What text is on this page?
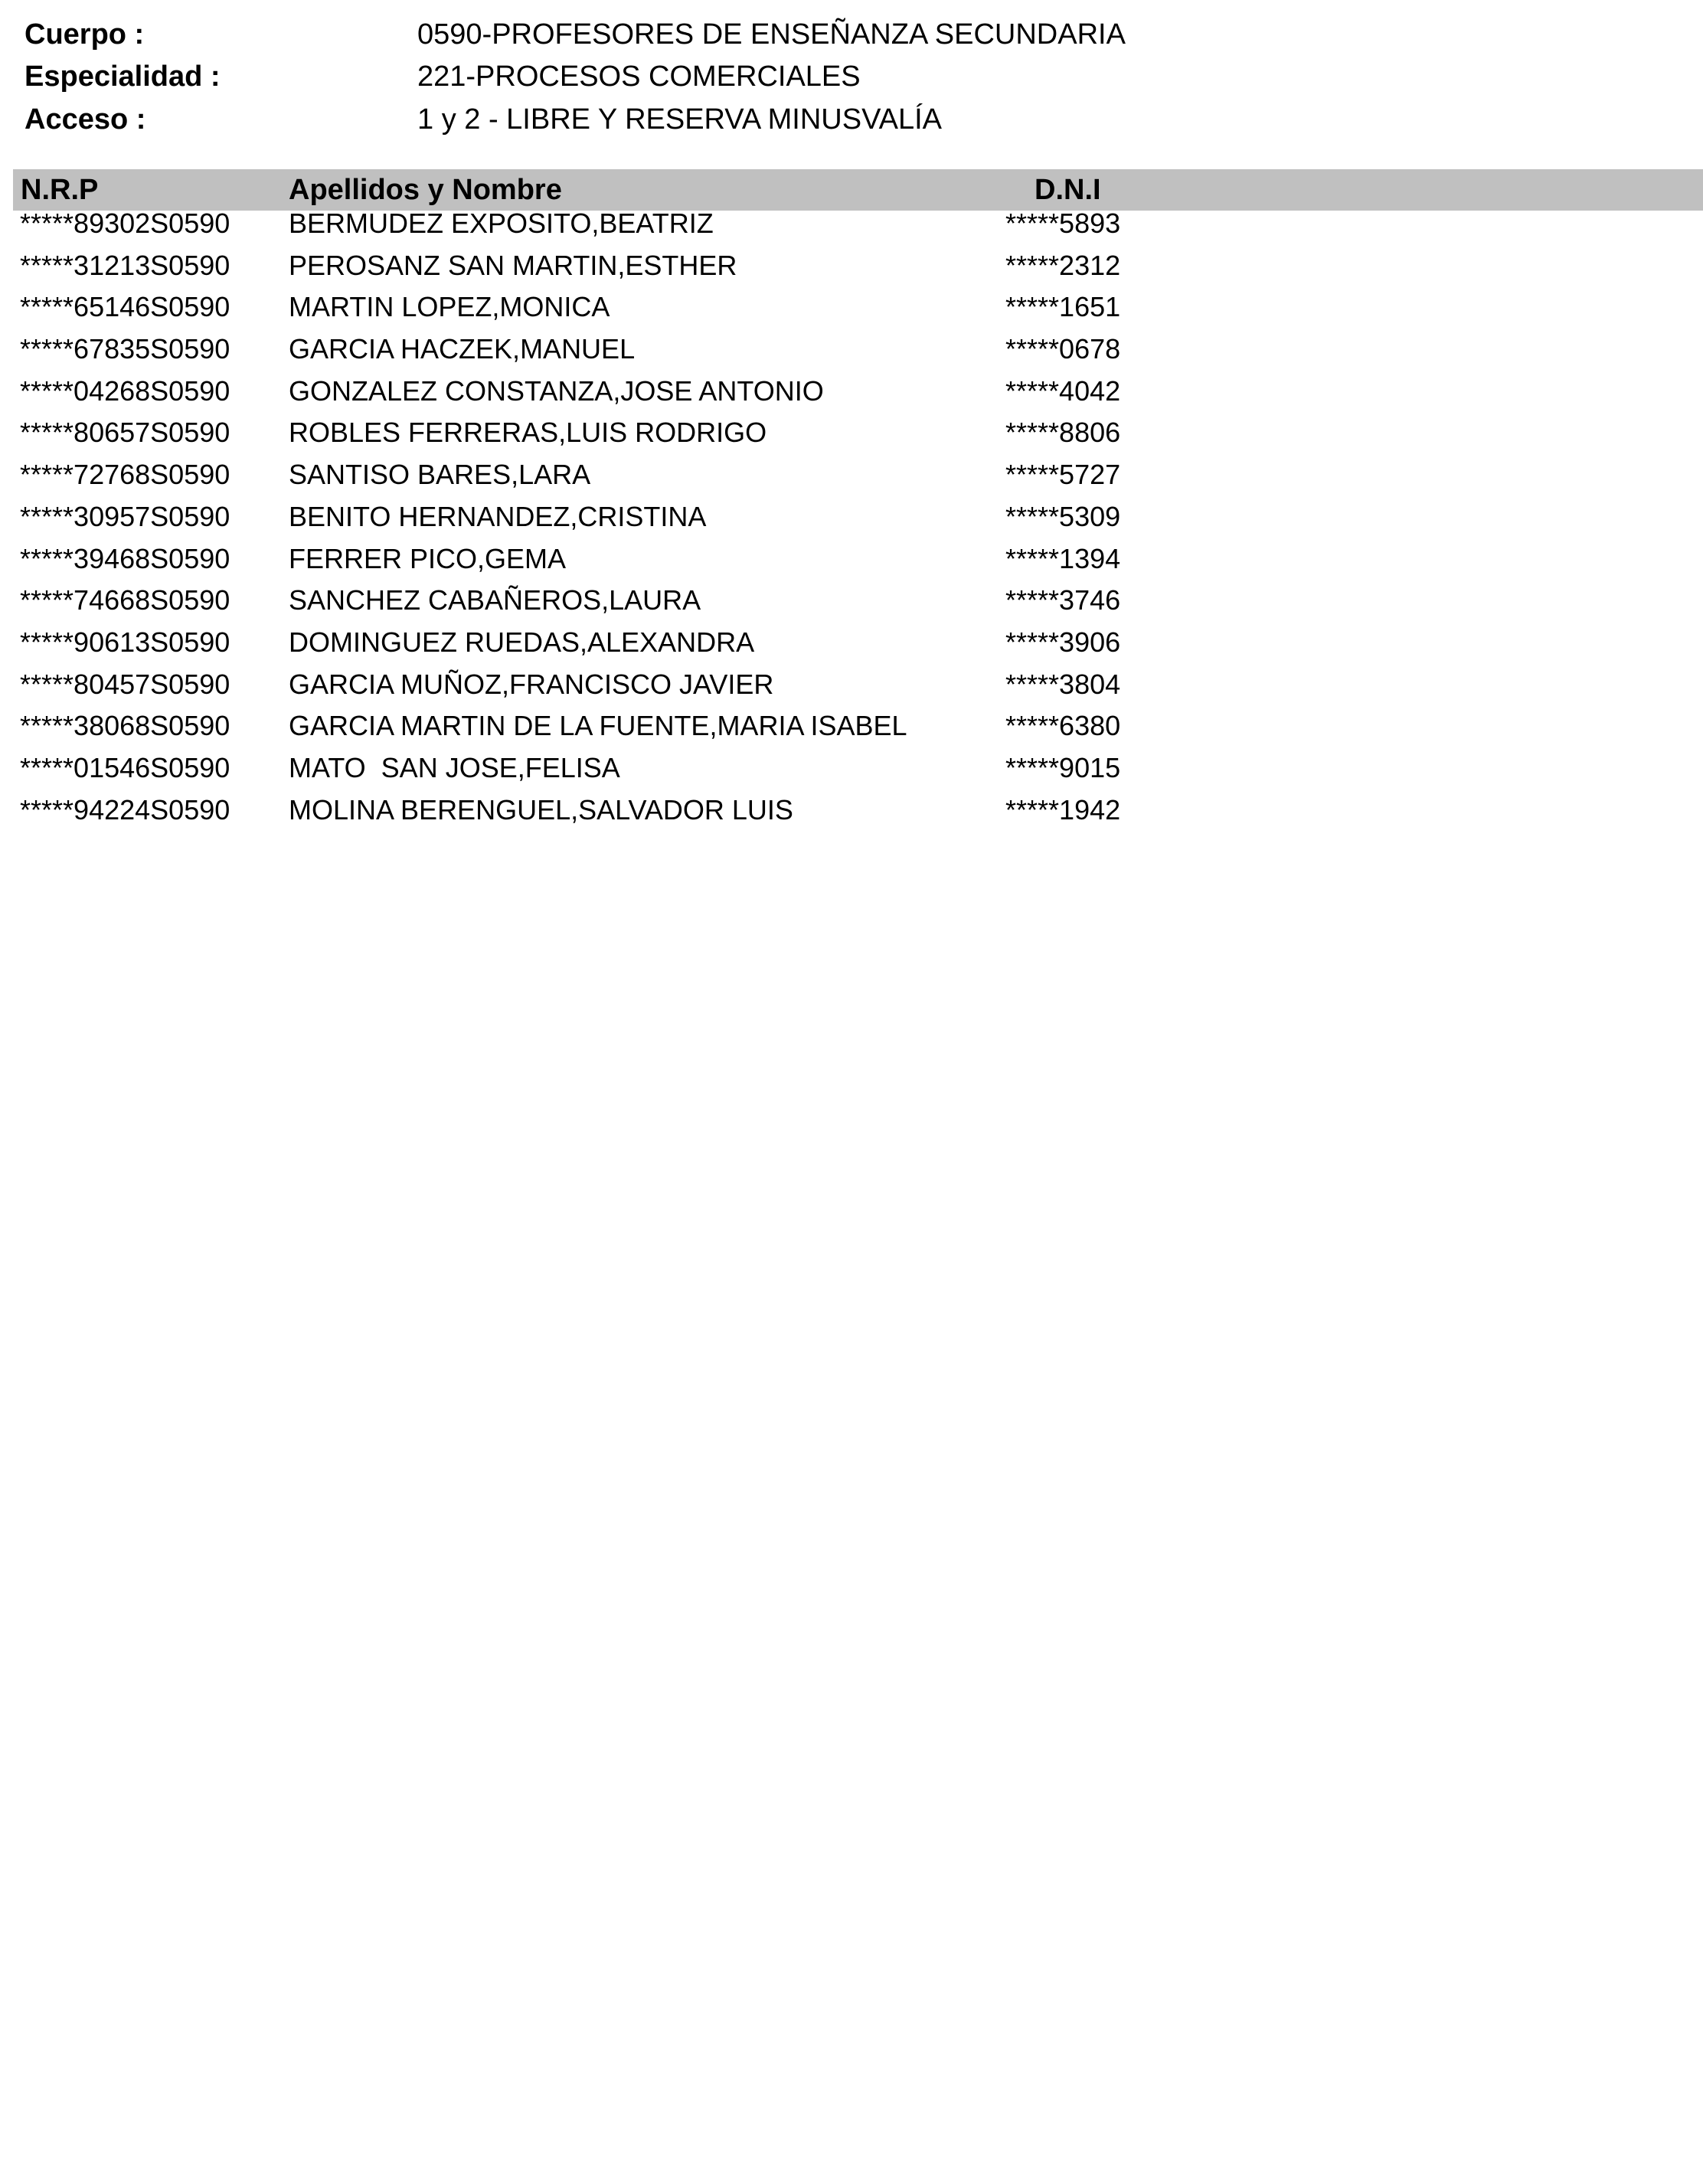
Cuerpo :	0590-PROFESORES DE ENSEÑANZA SECUNDARIA
Especialidad :	221-PROCESOS COMERCIALES
Acceso :	1 y 2 - LIBRE Y RESERVA MINUSVALÍA
N.R.P	Apellidos y Nombre	D.N.I
*****89302S0590 BERMUDEZ EXPOSITO,BEATRIZ	*****5893
*****31213S0590 PEROSANZ SAN MARTIN,ESTHER	*****2312
*****65146S0590 MARTIN LOPEZ,MONICA	*****1651
*****67835S0590 GARCIA HACZEK,MANUEL	*****0678
*****04268S0590 GONZALEZ CONSTANZA,JOSE ANTONIO	*****4042
*****80657S0590 ROBLES FERRERAS,LUIS RODRIGO	*****8806
*****72768S0590 SANTISO BARES,LARA	*****5727
*****30957S0590 BENITO HERNANDEZ,CRISTINA	*****5309
*****39468S0590 FERRER PICO,GEMA	*****1394
*****74668S0590 SANCHEZ CABAÑEROS,LAURA	*****3746
*****90613S0590 DOMINGUEZ RUEDAS,ALEXANDRA	*****3906
*****80457S0590 GARCIA MUÑOZ,FRANCISCO JAVIER	*****3804
*****38068S0590 GARCIA MARTIN DE LA FUENTE,MARIA ISABEL	*****6380
*****01546S0590 MATO  SAN JOSE,FELISA	*****9015
*****94224S0590 MOLINA BERENGUEL,SALVADOR LUIS	*****1942
